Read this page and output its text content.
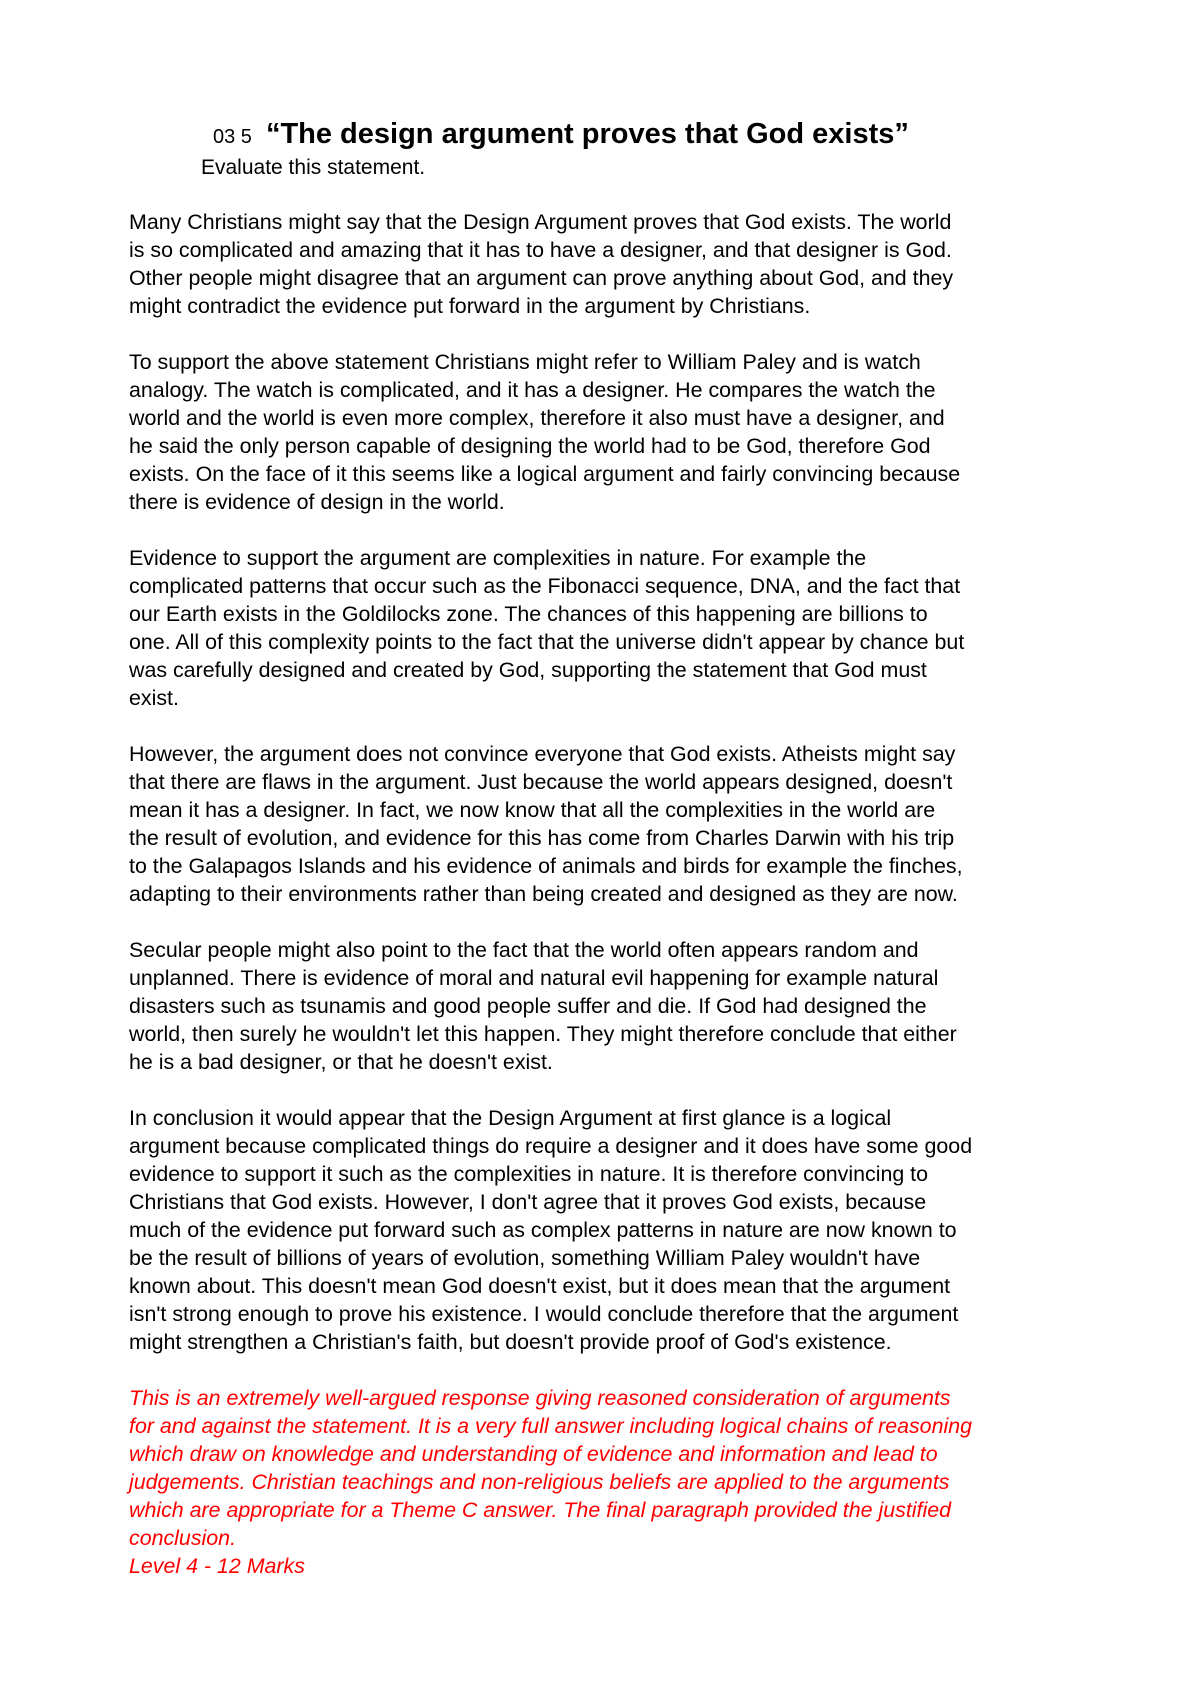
03 5 “The design argument proves that God exists”
Evaluate this statement.

Many Christians might say that the Design Argument proves that God exists. The world
is so complicated and amazing that it has to have a designer, and that designer is God.
Other people might disagree that an argument can prove anything about God, and they
might contradict the evidence put forward in the argument by Christians.

To support the above statement Christians might refer to William Paley and is watch
analogy. The watch is complicated, and it has a designer. He compares the watch the
world and the world is even more complex, therefore it also must have a designer, and
he said the only person capable of designing the world had to be God, therefore God
exists. On the face of it this seems like a logical argument and fairly convincing because
there is evidence of design in the world.

Evidence to support the argument are complexities in nature. For example the
complicated patterns that occur such as the Fibonacci sequence, DNA, and the fact that
our Earth exists in the Goldilocks zone. The chances of this happening are billions to
one. All of this complexity points to the fact that the universe didn't appear by chance but
was carefully designed and created by God, supporting the statement that God must
exist.

However, the argument does not convince everyone that God exists. Atheists might say
that there are flaws in the argument. Just because the world appears designed, doesn't
mean it has a designer. In fact, we now know that all the complexities in the world are
the result of evolution, and evidence for this has come from Charles Darwin with his trip
to the Galapagos Islands and his evidence of animals and birds for example the finches,
adapting to their environments rather than being created and designed as they are now.

Secular people might also point to the fact that the world often appears random and
unplanned. There is evidence of moral and natural evil happening for example natural
disasters such as tsunamis and good people suffer and die. If God had designed the
world, then surely he wouldn't let this happen. They might therefore conclude that either
he is a bad designer, or that he doesn't exist.

In conclusion it would appear that the Design Argument at first glance is a logical
argument because complicated things do require a designer and it does have some good
evidence to support it such as the complexities in nature. It is therefore convincing to
Christians that God exists. However, I don't agree that it proves God exists, because
much of the evidence put forward such as complex patterns in nature are now known to
be the result of billions of years of evolution, something William Paley wouldn't have
known about. This doesn't mean God doesn't exist, but it does mean that the argument
isn't strong enough to prove his existence. I would conclude therefore that the argument
might strengthen a Christian's faith, but doesn't provide proof of God's existence.

This is an extremely well-argued response giving reasoned consideration of arguments
for and against the statement. It is a very full answer including logical chains of reasoning
which draw on knowledge and understanding of evidence and information and lead to
judgements. Christian teachings and non-religious beliefs are applied to the arguments
which are appropriate for a Theme C answer. The final paragraph provided the justified
conclusion.
Level 4 - 12 Marks
